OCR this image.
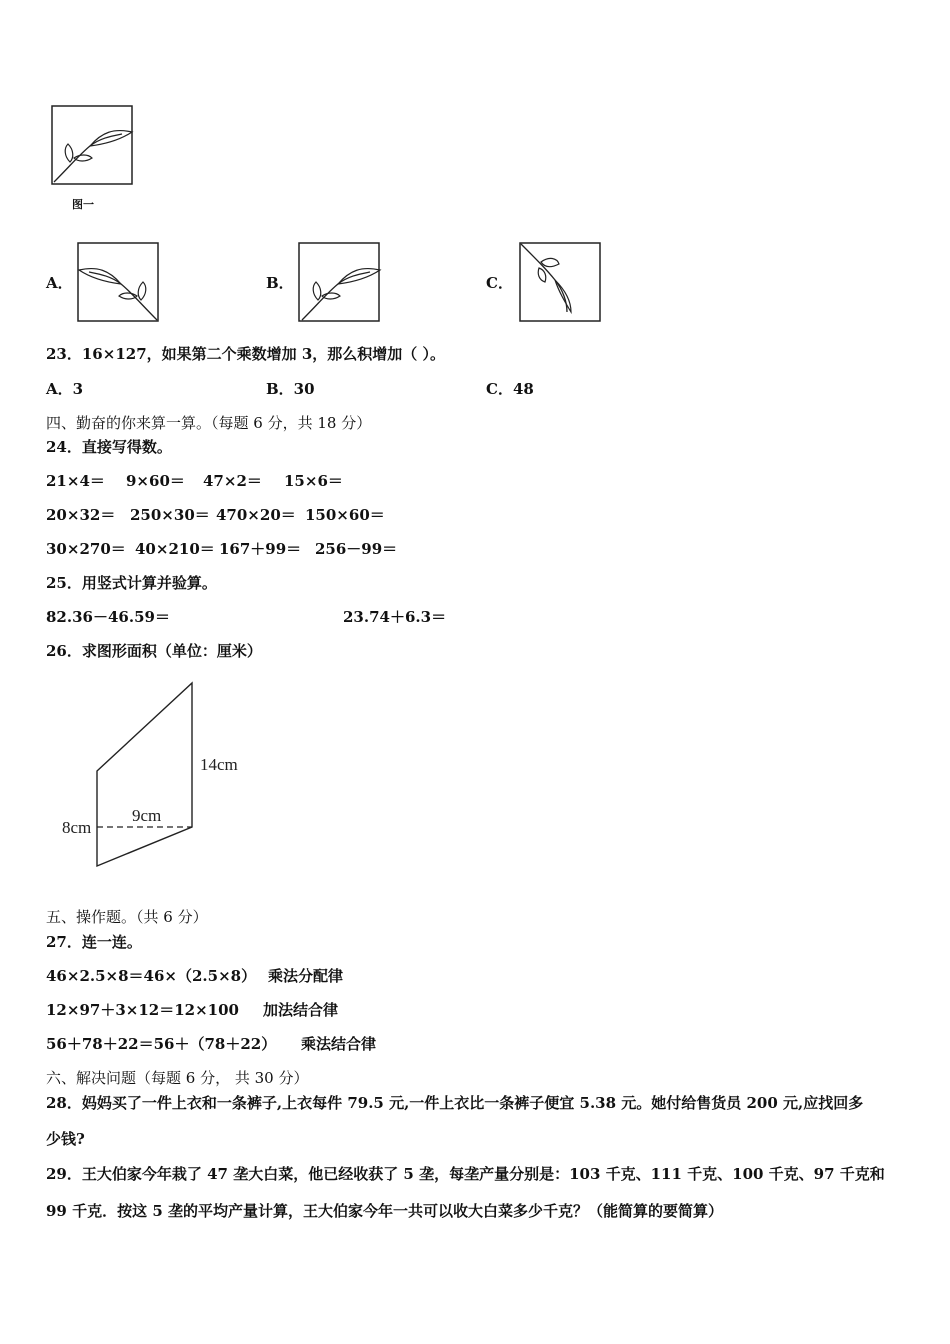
图一
A．	B．	C．
23．16×127，如果第二个乘数增加 3，那么积增加（ ）。
A．3	B．30	C．48
四、勤奋的你来算一算。（每题 6 分，共 18 分）
24．直接写得数。
21×4＝ 9×60＝ 47×2＝ 15×6＝
20×32＝ 250×30＝ 470×20＝ 150×60＝
30×270＝ 40×210＝ 167＋99＝ 256－99＝
25．用竖式计算并验算。
82.36－46.59＝	23.74＋6.3＝
26．求图形面积（单位：厘米）
14cm
9cm
8cm
五、操作题。（共 6 分）
27．连一连。
46×2.5×8＝46×（2.5×8） 乘法分配律
12×97＋3×12＝12×100 加法结合律
56＋78＋22＝56＋（78＋22） 乘法结合律
六、解决问题（每题 6 分， 共 30 分）
28．妈妈买了一件上衣和一条裤子,上衣每件 79.5 元,一件上衣比一条裤子便宜 5.38 元。她付给售货员 200 元,应找回多
少钱?
29．王大伯家今年栽了 47 垄大白菜，他已经收获了 5 垄，每垄产量分别是：103 千克、111 千克、100 千克、97 千克和
99 千克．按这 5 垄的平均产量计算，王大伯家今年一共可以收大白菜多少千克？（能简算的要简算）
